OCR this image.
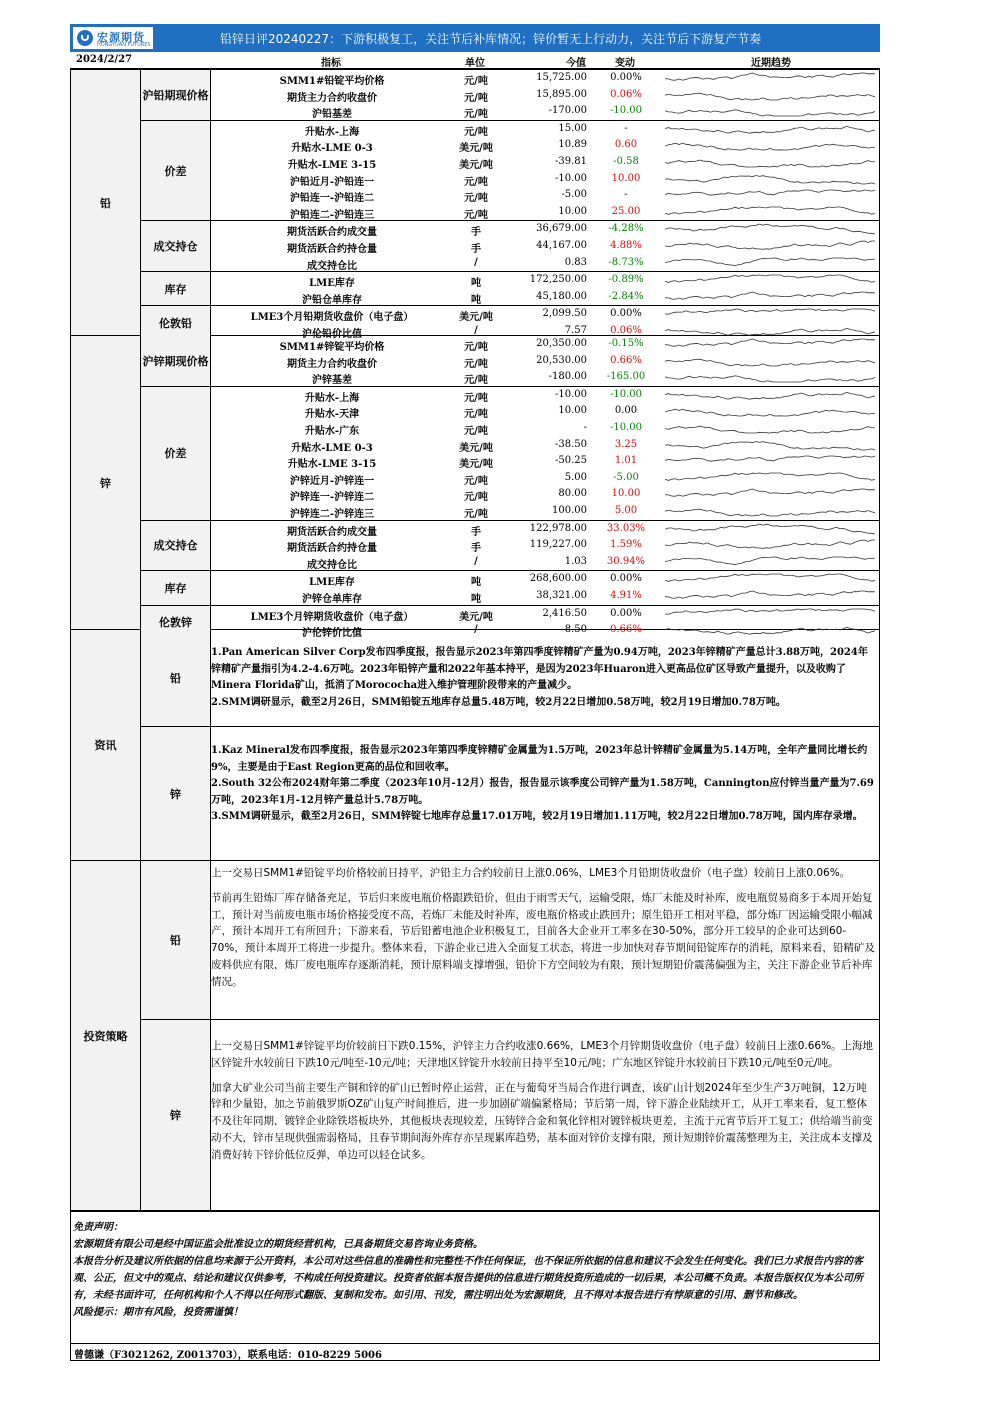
宏源期货
HONGYUAN FUTURES	铅锌日评20240227：下游积极复工，关注节后补库情况；锌价暂无上行动力，关注节后下游复产节奏
2024/2/27	指标	单位	今值	变动	近期趋势
铅
沪铅期现价格
SMM1#铅锭平均价格	元/吨	15,725.00	0.00%
期货主力合约收盘价	元/吨	15,895.00	0.06%
沪铅基差	元/吨	-170.00	-10.00
价差
升贴水-上海	元/吨	15.00	-
升贴水-LME 0-3	美元/吨	10.89	0.60
升贴水-LME 3-15	美元/吨	-39.81	-0.58
沪铅近月-沪铅连一	元/吨	-10.00	10.00
沪铅连一-沪铅连二	元/吨	-5.00	-
沪铅连二-沪铅连三	元/吨	10.00	25.00
成交持仓
期货活跃合约成交量	手	36,679.00	-4.28%
期货活跃合约持仓量	手	44,167.00	4.88%
成交持仓比	/	0.83	-8.73%
库存	LME库存	吨	172,250.00	-0.89%
沪铅仓单库存	吨	45,180.00	-2.84%
伦敦铅	LME3个月铅期货收盘价（电子盘）	美元/吨	2,099.50	0.00%
沪伦铅价比值	/	7.57	0.06%
锌
沪锌期现价格
SMM1#锌锭平均价格	元/吨	20,350.00	-0.15%
期货主力合约收盘价	元/吨	20,530.00	0.66%
沪锌基差	元/吨	-180.00	-165.00
价差
升贴水-上海	元/吨	-10.00	-10.00
升贴水-天津	元/吨	10.00	0.00
升贴水-广东	元/吨	-	-10.00
升贴水-LME 0-3	美元/吨	-38.50	3.25
升贴水-LME 3-15	美元/吨	-50.25	1.01
沪锌近月-沪锌连一	元/吨	5.00	-5.00
沪锌连一-沪锌连二	元/吨	80.00	10.00
沪锌连二-沪锌连三	元/吨	100.00	5.00
成交持仓
期货活跃合约成交量	手	122,978.00	33.03%
期货活跃合约持仓量	手	119,227.00	1.59%
成交持仓比	/	1.03	30.94%
库存	LME库存	吨	268,600.00	0.00%
沪锌仓单库存	吨	38,321.00	4.91%
伦敦锌	LME3个月锌期货收盘价（电子盘）	美元/吨	2,416.50	0.00%
沪伦锌价比值	/	8.50	0.66%
资讯
铅

1.Pan American Silver Corp发布四季度报，报告显示2023年第四季度锌精矿产量为0.94万吨，2023年锌精矿产量总计3.88万吨，2024年锌精矿产量指引为4.2-4.6万吨。2023年铅锌产量和2022年基本持平，是因为2023年Huaron进入更高品位矿区导致产量提升，以及收购了Minera Florida矿山，抵消了Morococha进入维护管理阶段带来的产量减少。

2.SMM调研显示，截至2月26日，SMM铅锭五地库存总量5.48万吨，较2月22日增加0.58万吨，较2月19日增加0.78万吨。

锌

1.Kaz Mineral发布四季度报，报告显示2023年第四季度锌精矿金属量为1.5万吨，2023年总计锌精矿金属量为5.14万吨，全年产量同比增长约9%，主要是由于East Region更高的品位和回收率。

2.South 32公布2024财年第二季度（2023年10月-12月）报告，报告显示该季度公司锌产量为1.58万吨，Cannington应付锌当量产量为7.69万吨，2023年1月-12月锌产量总计5.78万吨。

3.SMM调研显示，截至2月26日，SMM锌锭七地库存总量17.01万吨，较2月19日增加1.11万吨，较2月22日增加0.78万吨，国内库存录增。

投资策略
铅

上一交易日SMM1#铅锭平均价格较前日持平，沪铅主力合约较前日上涨0.06%，LME3个月铅期货收盘价（电子盘）较前日上涨0.06%。

节前再生铅炼厂库存储备充足，节后归来废电瓶价格跟跌铅价，但由于雨雪天气，运输受限，炼厂未能及时补库，废电瓶贸易商多于本周开始复工，预计对当前废电瓶市场价格接受度不高，若炼厂未能及时补库，废电瓶价格或止跌回升；原生铅开工相对平稳，部分炼厂因运输受限小幅减产，预计本周开工有所回升；下游来看，节后铅蓄电池企业积极复工，目前各大企业开工率多在30-50%，部分开工较早的企业可达到60-70%，预计本周开工将进一步提升。整体来看，下游企业已进入全面复工状态，将进一步加快对春节期间铅锭库存的消耗，原料来看，铅精矿及废料供应有限，炼厂废电瓶库存逐渐消耗，预计原料端支撑增强，铅价下方空间较为有限，预计短期铅价震荡偏强为主，关注下游企业节后补库情况。

锌

上一交易日SMM1#锌锭平均价较前日下跌0.15%，沪锌主力合约收涨0.66%，LME3个月锌期货收盘价（电子盘）较前日上涨0.66%。上海地区锌锭升水较前日下跌10元/吨至-10元/吨；天津地区锌锭升水较前日持平至10元/吨；广东地区锌锭升水较前日下跌10元/吨至0元/吨。

加拿大矿业公司当前主要生产铜和锌的矿山已暂时停止运营，正在与葡萄牙当局合作进行调查，该矿山计划2024年至少生产3万吨铜，12万吨锌和少量铅，加之节前俄罗斯OZ矿山复产时间推后，进一步加剧矿端偏紧格局；节后第一周，锌下游企业陆续开工，从开工率来看，复工整体不及往年同期，镀锌企业除铁塔板块外，其他板块表现较差，压铸锌合金和氧化锌相对镀锌板块更差，主流于元宵节后开工复工；供给端当前变动不大，锌市呈现供强需弱格局，且春节期间海外库存亦呈现累库趋势，基本面对锌价支撑有限，预计短期锌价震荡整理为主，关注成本支撑及消费好转下锌价低位反弹，单边可以轻仓试多。

免责声明：
宏源期货有限公司是经中国证监会批准设立的期货经营机构，已具备期货交易咨询业务资格。
本报告分析及建议所依据的信息均来源于公开资料，本公司对这些信息的准确性和完整性不作任何保证，也不保证所依据的信息和建议不会发生任何变化。我们已力求报告内容的客观、公正，但文中的观点、结论和建议仅供参考，不构成任何投资建议。投资者依据本报告提供的信息进行期货投资所造成的一切后果，本公司概不负责。本报告版权仅为本公司所有，未经书面许可，任何机构和个人不得以任何形式翻版、复制和发布。如引用、刊发，需注明出处为宏源期货，且不得对本报告进行有悖原意的引用、删节和修改。
风险提示：期市有风险，投资需谨慎！
曾德谦（F3021262, Z0013703），联系电话：010-8229 5006
